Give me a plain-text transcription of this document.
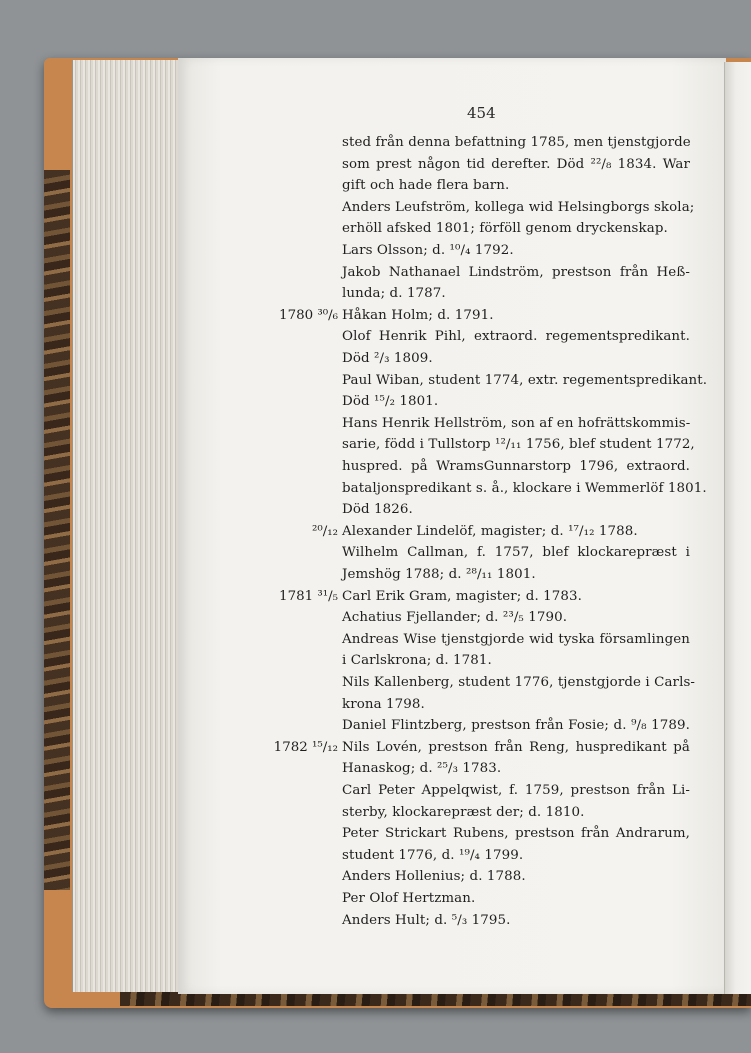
454
sted från denna befattning 1785, men tjenstgjorde
som prest någon tid derefter. Död ²²/₈ 1834. War
gift och hade flera barn.
Anders Leufström, kollega wid Helsingborgs skola;
erhöll afsked 1801; förföll genom dryckenskap.
Lars Olsson; d. ¹⁰/₄ 1792.
Jakob Nathanael Lindström, prestson från Heß-
lunda; d. 1787.
Håkan Holm; d. 1791.
Olof Henrik Pihl, extraord. regementspredikant.
Död ²/₃ 1809.
Paul Wiban, student 1774, extr. regementspredikant.
Död ¹⁵/₂ 1801.
Hans Henrik Hellström, son af en hofrättskommis-
sarie, född i Tullstorp ¹²/₁₁ 1756, blef student 1772,
huspred. på WramsGunnarstorp 1796, extraord.
bataljonspredikant s. å., klockare i Wemmerlöf 1801.
Död 1826.
Alexander Lindelöf, magister; d. ¹⁷/₁₂ 1788.
Wilhelm Callman, f. 1757, blef klockarepræst i
Jemshög 1788; d. ²⁸/₁₁ 1801.
Carl Erik Gram, magister; d. 1783.
Achatius Fjellander; d. ²³/₅ 1790.
Andreas Wise tjenstgjorde wid tyska församlingen
i Carlskrona; d. 1781.
Nils Kallenberg, student 1776, tjenstgjorde i Carls-
krona 1798.
Daniel Flintzberg, prestson från Fosie; d. ⁹/₈ 1789.
Nils Lovén, prestson från Reng, huspredikant på
Hanaskog; d. ²⁵/₃ 1783.
Carl Peter Appelqwist, f. 1759, prestson från Li-
sterby, klockarepræst der; d. 1810.
Peter Strickart Rubens, prestson från Andrarum,
student 1776, d. ¹⁹/₄ 1799.
Anders Hollenius; d. 1788.
Per Olof Hertzman.
Anders Hult; d. ⁵/₃ 1795.
1780 ³⁰/₆
²⁰/₁₂
1781 ³¹/₅
1782 ¹⁵/₁₂
